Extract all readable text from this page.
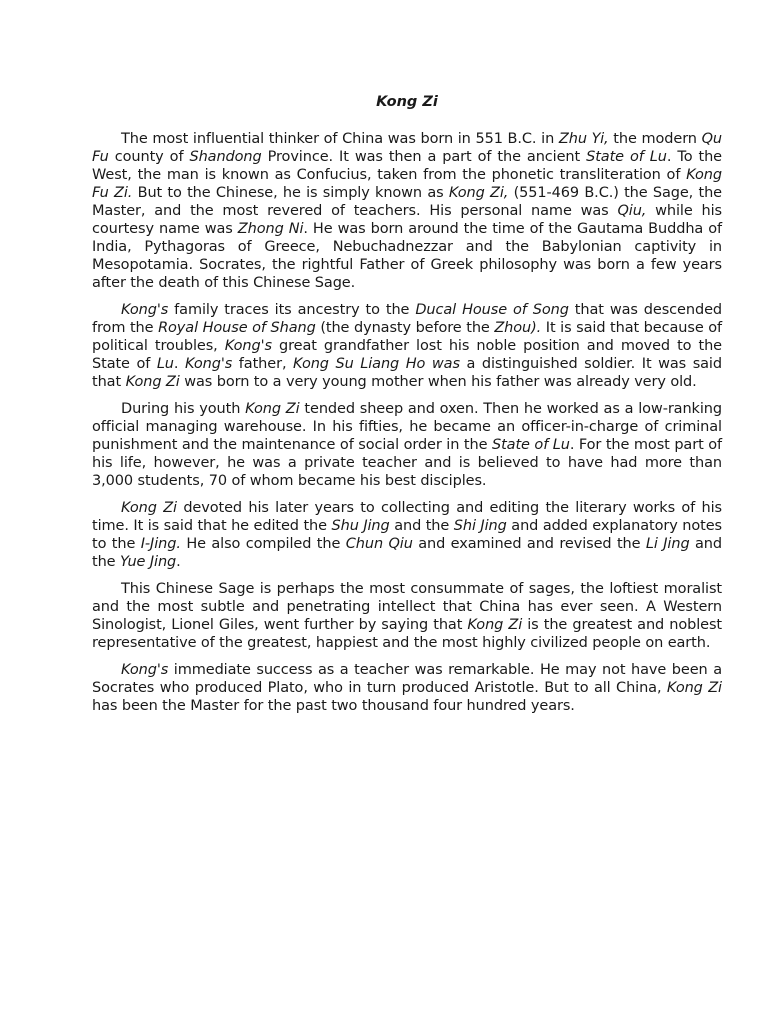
Kong Zi

The most influential thinker of China was born in 551 B.C. in Zhu Yi, the modern Qu Fu county of Shandong Province. It was then a part of the ancient State of Lu. To the West, the man is known as Confucius, taken from the phonetic transliteration of Kong Fu Zi. But to the Chinese, he is simply known as Kong Zi, (551-469 B.C.) the Sage, the Master, and the most revered of teachers. His personal name was Qiu, while his courtesy name was Zhong Ni. He was born around the time of the Gautama Buddha of India, Pythagoras of Greece, Nebuchadnezzar and the Babylonian captivity in Mesopotamia. Socrates, the rightful Father of Greek philosophy was born a few years after the death of this Chinese Sage.

Kong's family traces its ancestry to the Ducal House of Song that was descended from the Royal House of Shang (the dynasty before the Zhou). It is said that because of political troubles, Kong's great grandfather lost his noble position and moved to the State of Lu. Kong's father, Kong Su Liang Ho was a distinguished soldier. It was said that Kong Zi was born to a very young mother when his father was already very old.

During his youth Kong Zi tended sheep and oxen. Then he worked as a low-ranking official managing warehouse. In his fifties, he became an officer-in-charge of criminal punishment and the maintenance of social order in the State of Lu. For the most part of his life, however, he was a private teacher and is believed to have had more than 3,000 students, 70 of whom became his best disciples.

Kong Zi devoted his later years to collecting and editing the literary works of his time. It is said that he edited the Shu Jing and the Shi Jing and added explanatory notes to the I-Jing. He also compiled the Chun Qiu and examined and revised the Li Jing and the Yue Jing.

This Chinese Sage is perhaps the most consummate of sages, the loftiest moralist and the most subtle and penetrating intellect that China has ever seen. A Western Sinologist, Lionel Giles, went further by saying that Kong Zi is the greatest and noblest representative of the greatest, happiest and the most highly civilized people on earth.

Kong's immediate success as a teacher was remarkable. He may not have been a Socrates who produced Plato, who in turn produced Aristotle. But to all China, Kong Zi has been the Master for the past two thousand four hundred years.
